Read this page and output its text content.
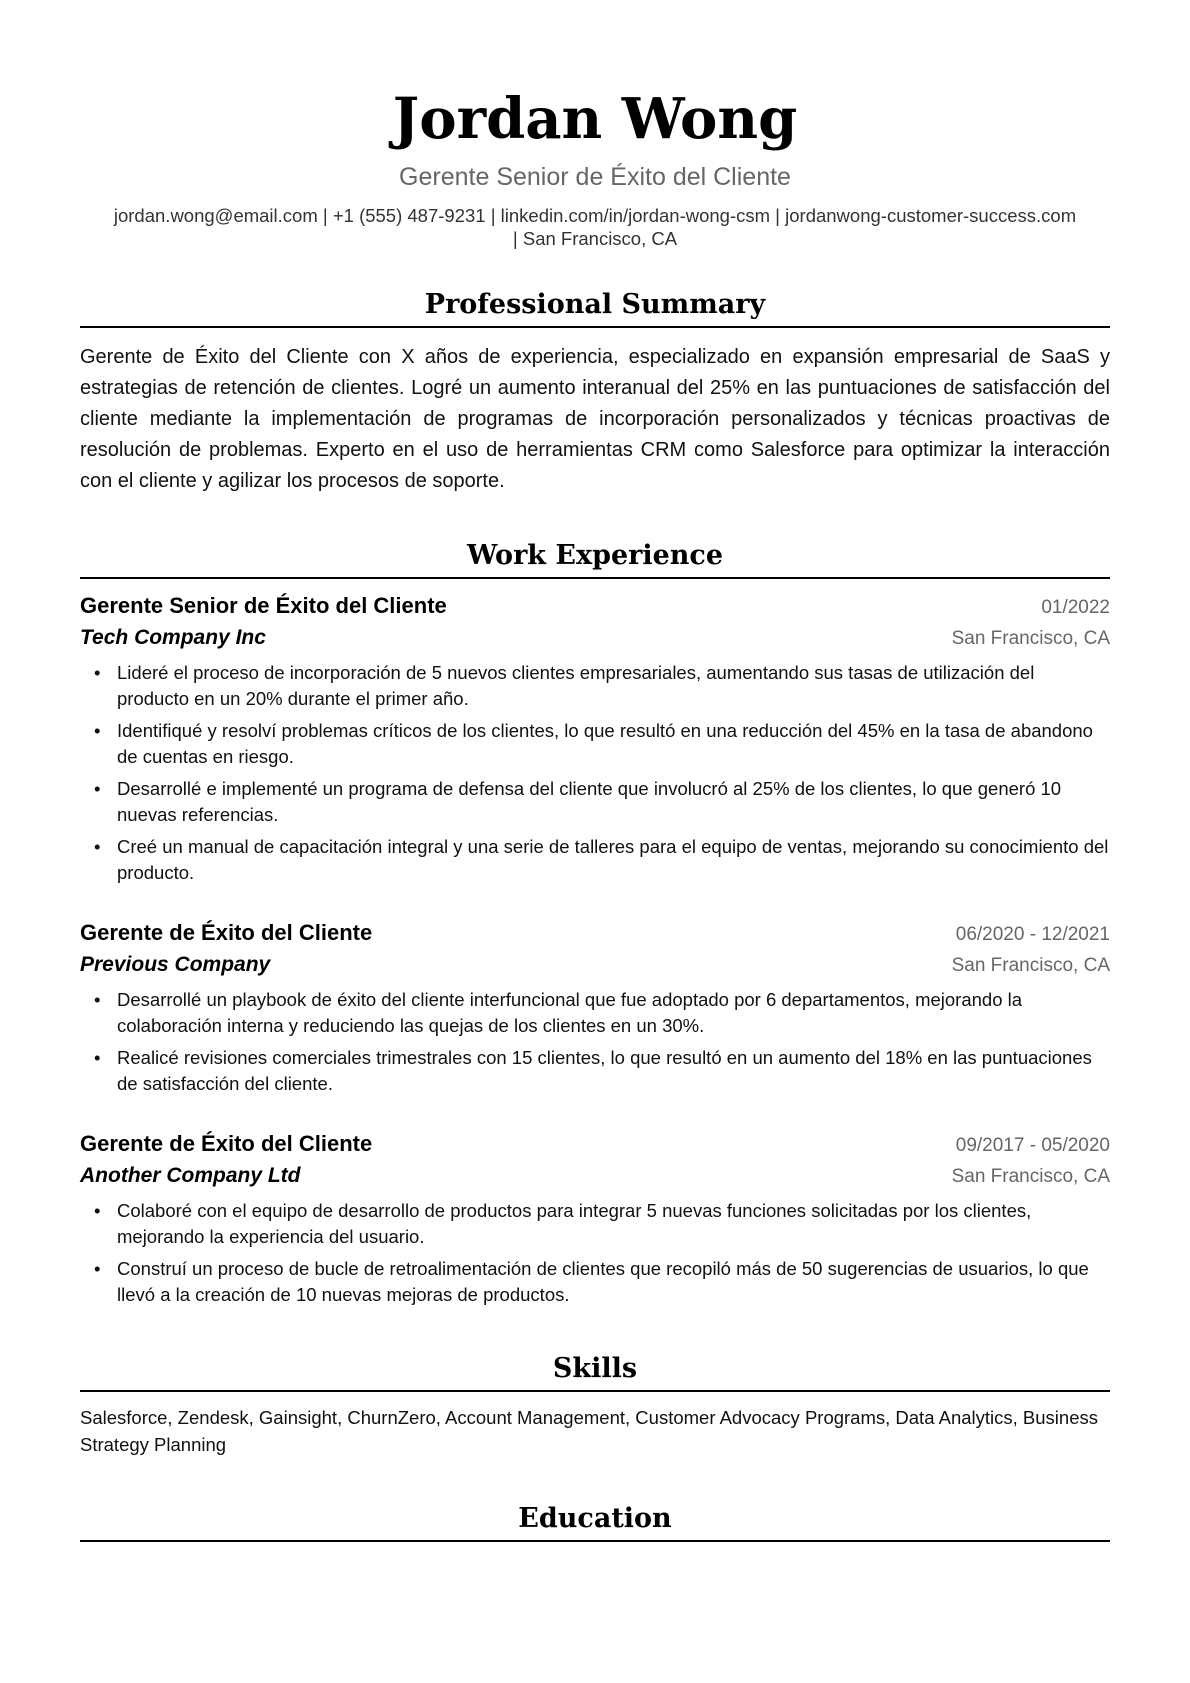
Jordan Wong
Gerente Senior de Éxito del Cliente
jordan.wong@email.com | +1 (555) 487-9231 | linkedin.com/in/jordan-wong-csm | jordanwong-customer-success.com
| San Francisco, CA
Professional Summary
Gerente de Éxito del Cliente con X años de experiencia, especializado en expansión empresarial de SaaS y estrategias de retención de clientes. Logré un aumento interanual del 25% en las puntuaciones de satisfacción del cliente mediante la implementación de programas de incorporación personalizados y técnicas proactivas de resolución de problemas. Experto en el uso de herramientas CRM como Salesforce para optimizar la interacción con el cliente y agilizar los procesos de soporte.
Work Experience
Gerente Senior de Éxito del Cliente	01/2022
Tech Company Inc	San Francisco, CA
• Lideré el proceso de incorporación de 5 nuevos clientes empresariales, aumentando sus tasas de utilización del producto en un 20% durante el primer año.
• Identifiqué y resolví problemas críticos de los clientes, lo que resultó en una reducción del 45% en la tasa de abandono de cuentas en riesgo.
• Desarrollé e implementé un programa de defensa del cliente que involucró al 25% de los clientes, lo que generó 10 nuevas referencias.
• Creé un manual de capacitación integral y una serie de talleres para el equipo de ventas, mejorando su conocimiento del producto.
Gerente de Éxito del Cliente	06/2020 - 12/2021
Previous Company	San Francisco, CA
• Desarrollé un playbook de éxito del cliente interfuncional que fue adoptado por 6 departamentos, mejorando la colaboración interna y reduciendo las quejas de los clientes en un 30%.
• Realicé revisiones comerciales trimestrales con 15 clientes, lo que resultó en un aumento del 18% en las puntuaciones de satisfacción del cliente.
Gerente de Éxito del Cliente	09/2017 - 05/2020
Another Company Ltd	San Francisco, CA
• Colaboré con el equipo de desarrollo de productos para integrar 5 nuevas funciones solicitadas por los clientes, mejorando la experiencia del usuario.
• Construí un proceso de bucle de retroalimentación de clientes que recopiló más de 50 sugerencias de usuarios, lo que llevó a la creación de 10 nuevas mejoras de productos.
Skills
Salesforce, Zendesk, Gainsight, ChurnZero, Account Management, Customer Advocacy Programs, Data Analytics, Business Strategy Planning
Education
